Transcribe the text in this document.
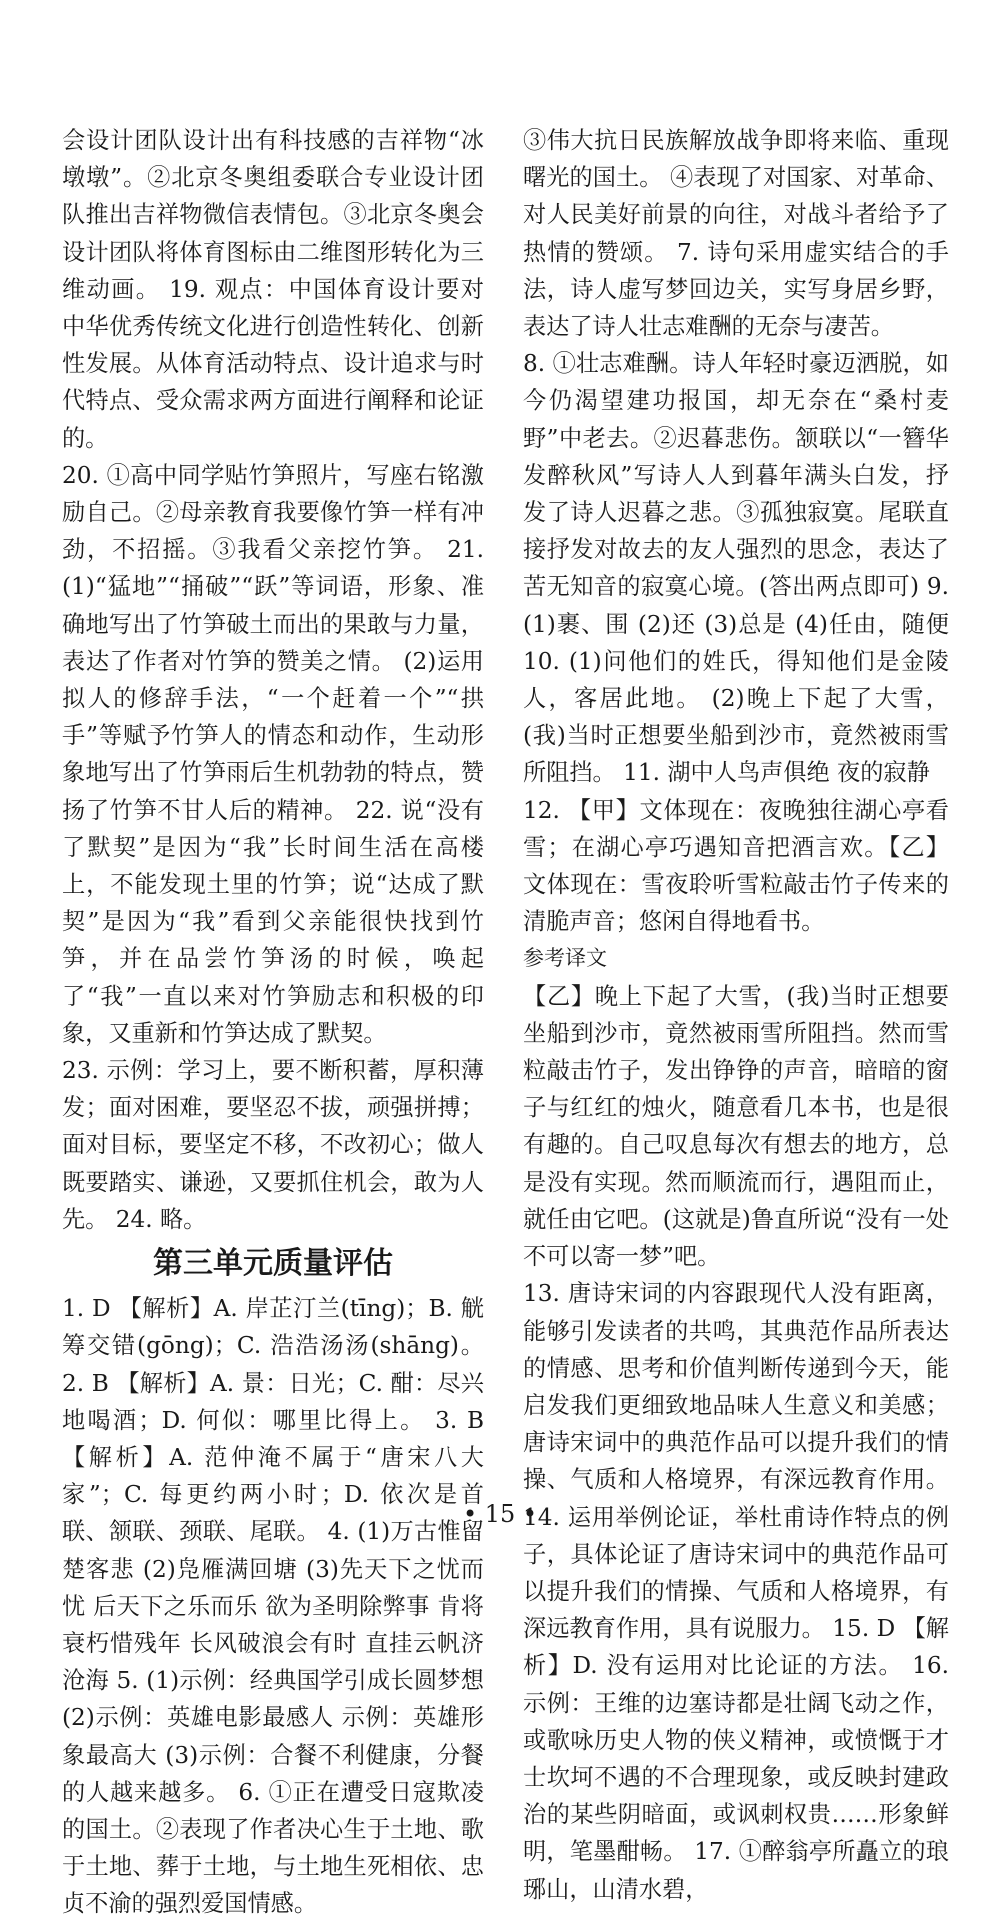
会设计团队设计出有科技感的吉祥物“冰墩墩”。②北京冬奥组委联合专业设计团队推出吉祥物微信表情包。③北京冬奥会设计团队将体育图标由二维图形转化为三维动画。 19. 观点：中国体育设计要对中华优秀传统文化进行创造性转化、创新性发展。从体育活动特点、设计追求与时代特点、受众需求两方面进行阐释和论证的。

20. ①高中同学贴竹笋照片，写座右铭激励自己。②母亲教育我要像竹笋一样有冲劲，不招摇。③我看父亲挖竹笋。 21. (1)“猛地”“捅破”“跃”等词语，形象、准确地写出了竹笋破土而出的果敢与力量，表达了作者对竹笋的赞美之情。 (2)运用拟人的修辞手法，“一个赶着一个”“拱手”等赋予竹笋人的情态和动作，生动形象地写出了竹笋雨后生机勃勃的特点，赞扬了竹笋不甘人后的精神。 22. 说“没有了默契”是因为“我”长时间生活在高楼上，不能发现土里的竹笋；说“达成了默契”是因为“我”看到父亲能很快找到竹笋，并在品尝竹笋汤的时候，唤起了“我”一直以来对竹笋励志和积极的印象，又重新和竹笋达成了默契。

23. 示例：学习上，要不断积蓄，厚积薄发；面对困难，要坚忍不拔，顽强拼搏；面对目标，要坚定不移，不改初心；做人既要踏实、谦逊，又要抓住机会，敢为人先。 24. 略。

第三单元质量评估

1. D 【解析】A. 岸芷汀兰(tīng)；B. 觥筹交错(gōng)；C. 浩浩汤汤(shāng)。 2. B 【解析】A. 景：日光；C. 酣：尽兴地喝酒；D. 何似：哪里比得上。 3. B 【解析】A. 范仲淹不属于“唐宋八大家”；C. 每更约两小时；D. 依次是首联、颔联、颈联、尾联。 4. (1)万古惟留楚客悲 (2)凫雁满回塘 (3)先天下之忧而忧 后天下之乐而乐 欲为圣明除弊事 肯将衰朽惜残年 长风破浪会有时 直挂云帆济沧海 5. (1)示例：经典国学引成长圆梦想 (2)示例：英雄电影最感人 示例：英雄形象最高大 (3)示例：合餐不利健康，分餐的人越来越多。 6. ①正在遭受日寇欺凌的国土。②表现了作者决心生于土地、歌于土地、葬于土地，与土地生死相依、忠贞不渝的强烈爱国情感。

③伟大抗日民族解放战争即将来临、重现曙光的国土。 ④表现了对国家、对革命、对人民美好前景的向往，对战斗者给予了热情的赞颂。 7. 诗句采用虚实结合的手法，诗人虚写梦回边关，实写身居乡野，表达了诗人壮志难酬的无奈与凄苦。

8. ①壮志难酬。诗人年轻时豪迈洒脱，如今仍渴望建功报国，却无奈在“桑村麦野”中老去。②迟暮悲伤。颔联以“一簪华发醉秋风”写诗人人到暮年满头白发，抒发了诗人迟暮之悲。③孤独寂寞。尾联直接抒发对故去的友人强烈的思念，表达了苦无知音的寂寞心境。(答出两点即可) 9. (1)裹、围 (2)还 (3)总是 (4)任由，随便 10. (1)问他们的姓氏，得知他们是金陵人，客居此地。 (2)晚上下起了大雪，(我)当时正想要坐船到沙市，竟然被雨雪所阻挡。 11. 湖中人鸟声俱绝 夜的寂静

12. 【甲】文体现在：夜晚独往湖心亭看雪；在湖心亭巧遇知音把酒言欢。【乙】文体现在：雪夜聆听雪粒敲击竹子传来的清脆声音；悠闲自得地看书。

参考译文

【乙】晚上下起了大雪，(我)当时正想要坐船到沙市，竟然被雨雪所阻挡。然而雪粒敲击竹子，发出铮铮的声音，暗暗的窗子与红红的烛火，随意看几本书，也是很有趣的。自己叹息每次有想去的地方，总是没有实现。然而顺流而行，遇阻而止，就任由它吧。(这就是)鲁直所说“没有一处不可以寄一梦”吧。

13. 唐诗宋词的内容跟现代人没有距离，能够引发读者的共鸣，其典范作品所表达的情感、思考和价值判断传递到今天，能启发我们更细致地品味人生意义和美感；唐诗宋词中的典范作品可以提升我们的情操、气质和人格境界，有深远教育作用。 14. 运用举例论证，举杜甫诗作特点的例子，具体论证了唐诗宋词中的典范作品可以提升我们的情操、气质和人格境界，有深远教育作用，具有说服力。 15. D 【解析】D. 没有运用对比论证的方法。 16. 示例：王维的边塞诗都是壮阔飞动之作，或歌咏历史人物的侠义精神，或愤慨于才士坎坷不遇的不合理现象，或反映封建政治的某些阴暗面，或讽刺权贵……形象鲜明，笔墨酣畅。 17. ①醉翁亭所矗立的琅琊山，山清水碧，

• 15 •
